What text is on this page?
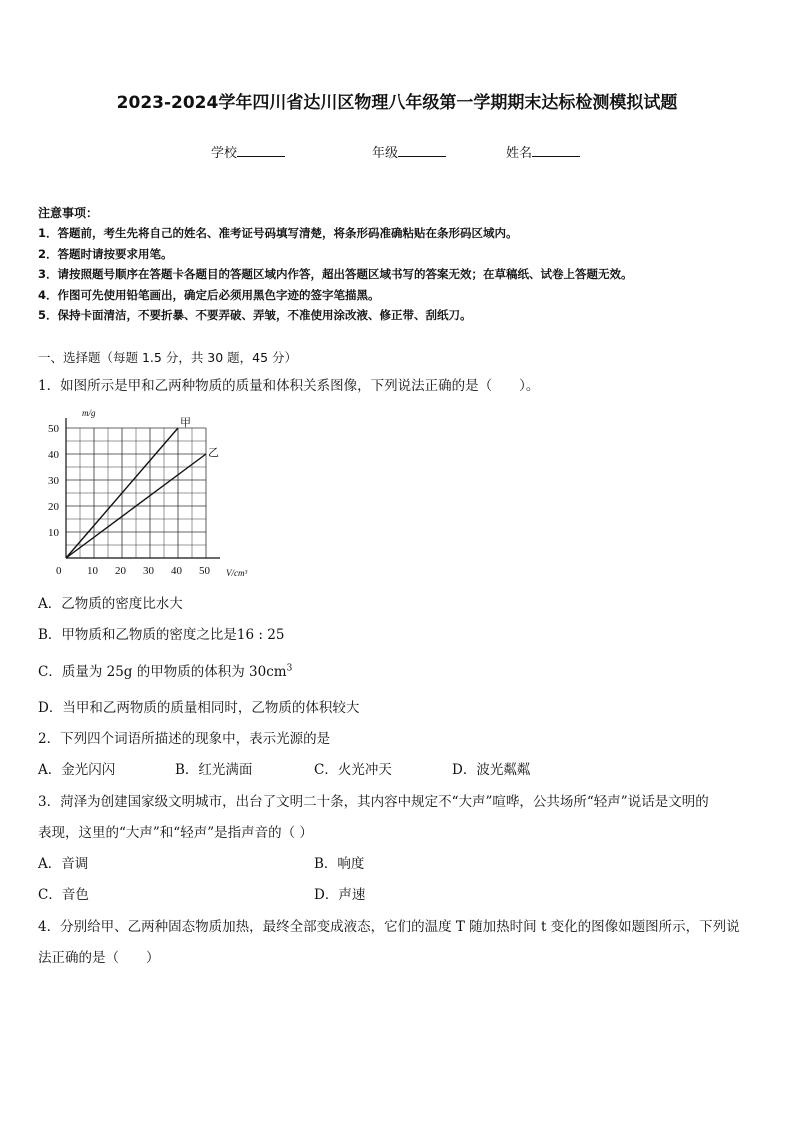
2023-2024学年四川省达川区物理八年级第一学期期末达标检测模拟试题
学校	年级	姓名
注意事项：
1．答题前，考生先将自己的姓名、准考证号码填写清楚，将条形码准确粘贴在条形码区域内。
2．答题时请按要求用笔。
3．请按照题号顺序在答题卡各题目的答题区域内作答，超出答题区域书写的答案无效；在草稿纸、试卷上答题无效。
4．作图可先使用铅笔画出，确定后必须用黑色字迹的签字笔描黑。
5．保持卡面清洁，不要折暴、不要弄破、弄皱，不准使用涂改液、修正带、刮纸刀。
一、选择题（每题 1.5 分，共 30 题，45 分）
1．如图所示是甲和乙两种物质的质量和体积关系图像，下列说法正确的是（　　）。
0 10 20 30 40 50
10
20
30
40
50	甲
乙
m/g
V/cm³
A．乙物质的密度比水大
B．甲物质和乙物质的密度之比是16 : 25
C．质量为 25g 的甲物质的体积为 $30cm^3$
D．当甲和乙两物质的质量相同时，乙物质的体积较大
2．下列四个词语所描述的现象中，表示光源的是
A．金光闪闪	B．红光满面	C．火光冲天	D．波光粼粼
3．菏泽为创建国家级文明城市，出台了文明二十条，其内容中规定不“大声”喧哗，公共场所“轻声”说话是文明的
表现，这里的“大声”和“轻声”是指声音的（ ）
A．音调	B．响度
C．音色	D．声速
4．分别给甲、乙两种固态物质加热，最终全部变成液态，它们的温度 T 随加热时间 t 变化的图像如题图所示，下列说
法正确的是（　　）
